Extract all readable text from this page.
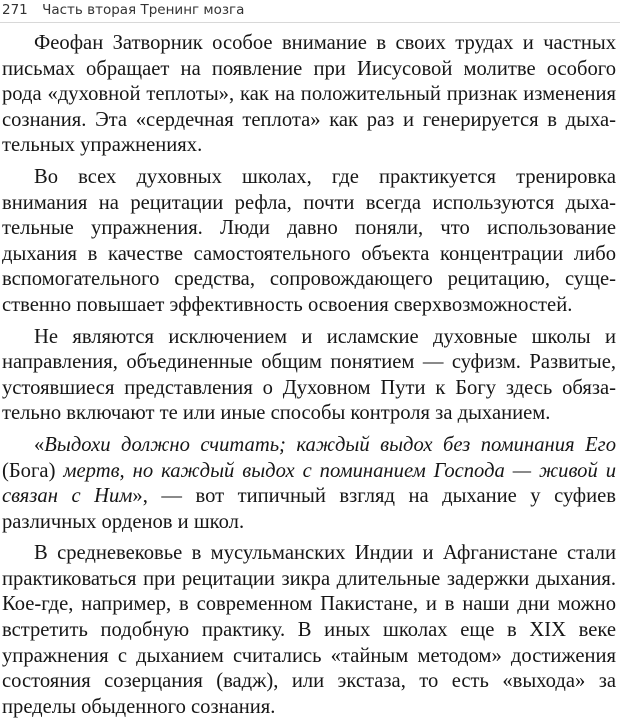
271 Часть вторая Тренинг мозга

Феофан Затворник особое внимание в своих трудах и частных письмах обращает на появление при Иисусовой молитве особого рода «духовной теплоты», как на положительный признак изменения сознания. Эта «сердечная теплота» как раз и генерируется в дыха-тельных упражнениях.

Во всех духовных школах, где практикуется тренировка внимания на рецитации рефла, почти всегда используются дыха-тельные упражнения. Люди давно поняли, что использование дыхания в качестве самостоятельного объекта концентрации либо вспомогательного средства, сопровождающего рецитацию, суще-ственно повышает эффективность освоения сверхвозможностей.

Не являются исключением и исламские духовные школы и направления, объединенные общим понятием — суфизм. Развитые, устоявшиеся представления о Духовном Пути к Богу здесь обяза-тельно включают те или иные способы контроля за дыханием.

«Выдохи должно считать; каждый выдох без поминания Его (Бога) мертв, но каждый выдох с поминанием Господа — живой и связан с Ним», — вот типичный взгляд на дыхание у суфиев различных орденов и школ.

В средневековье в мусульманских Индии и Афганистане стали практиковаться при рецитации зикра длительные задержки дыхания. Кое-где, например, в современном Пакистане, и в наши дни можно встретить подобную практику. В иных школах еще в XIX веке упражнения с дыханием считались «тайным методом» достижения состояния созерцания (вадж), или экстаза, то есть «выхода» за пределы обыденного сознания.
